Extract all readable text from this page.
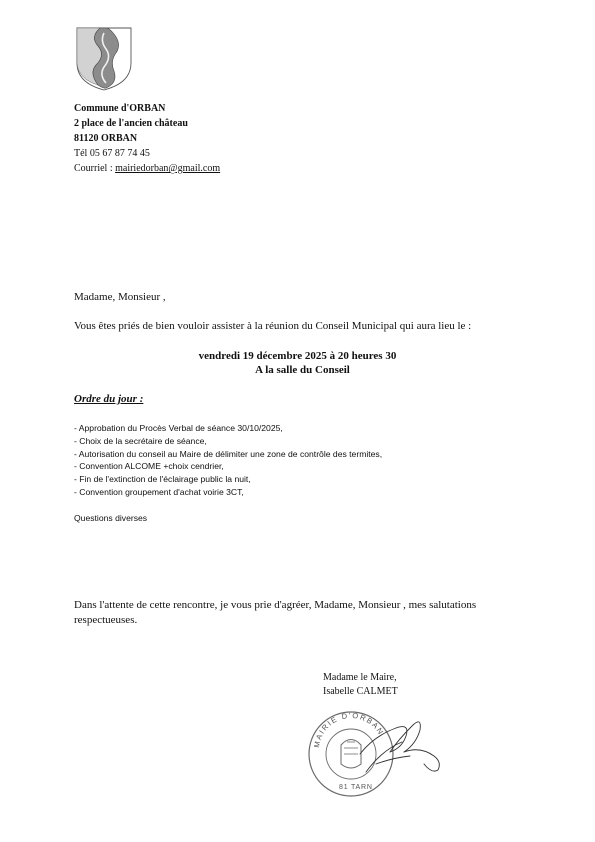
Commune d'ORBAN
2 place de l'ancien château
81120 ORBAN
Tél 05 67 87 74 45
Courriel : mairiedorban@gmail.com
Madame, Monsieur ,
Vous êtes priés de bien vouloir assister à la réunion du Conseil Municipal qui aura lieu le :
vendredi 19 décembre 2025 à 20 heures 30
A la salle du Conseil
Ordre du jour :
- Approbation du Procès Verbal de séance 30/10/2025,
- Choix de la secrétaire de séance,
- Autorisation du conseil au Maire de délimiter une zone de contrôle des termites,
- Convention ALCOME +choix cendrier,
- Fin de l'extinction de l'éclairage public la nuit,
- Convention groupement d'achat voirie 3CT,
Questions diverses
Dans l'attente de cette rencontre, je vous prie d'agréer, Madame, Monsieur , mes salutations respectueuses.
Madame le Maire,
Isabelle CALMET
MAIRIE D'ORBAN
81 TARN
